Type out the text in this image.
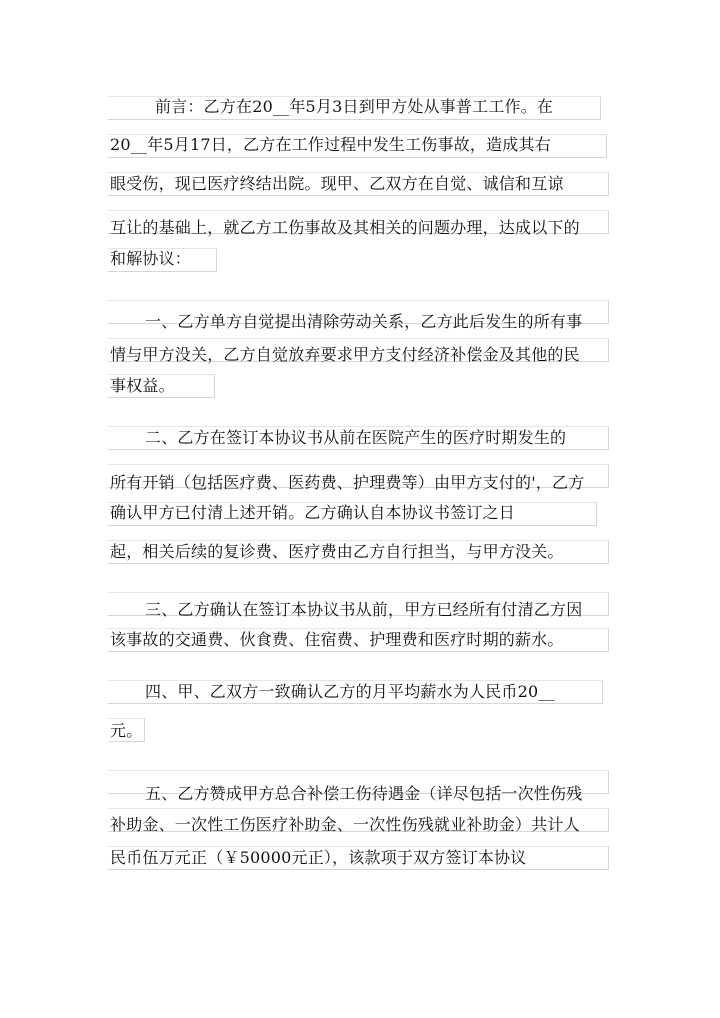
前言：乙方在20__年5月3日到甲方处从事普工工作。在
20__年5月17日，乙方在工作过程中发生工伤事故，造成其右
眼受伤，现已医疗终结出院。现甲、乙双方在自觉、诚信和互谅
互让的基础上，就乙方工伤事故及其相关的问题办理，达成以下的
和解协议：
一、乙方单方自觉提出清除劳动关系，乙方此后发生的所有事
情与甲方没关，乙方自觉放弃要求甲方支付经济补偿金及其他的民
事权益。
二、乙方在签订本协议书从前在医院产生的医疗时期发生的
所有开销（包括医疗费、医药费、护理费等）由甲方支付的'，乙方
确认甲方已付清上述开销。乙方确认自本协议书签订之日
起，相关后续的复诊费、医疗费由乙方自行担当，与甲方没关。
三、乙方确认在签订本协议书从前，甲方已经所有付清乙方因
该事故的交通费、伙食费、住宿费、护理费和医疗时期的薪水。
四、甲、乙双方一致确认乙方的月平均薪水为人民币20__
元。
五、乙方赞成甲方总合补偿工伤待遇金（详尽包括一次性伤残
补助金、一次性工伤医疗补助金、一次性伤残就业补助金）共计人
民币伍万元正（￥50000元正），该款项于双方签订本协议
